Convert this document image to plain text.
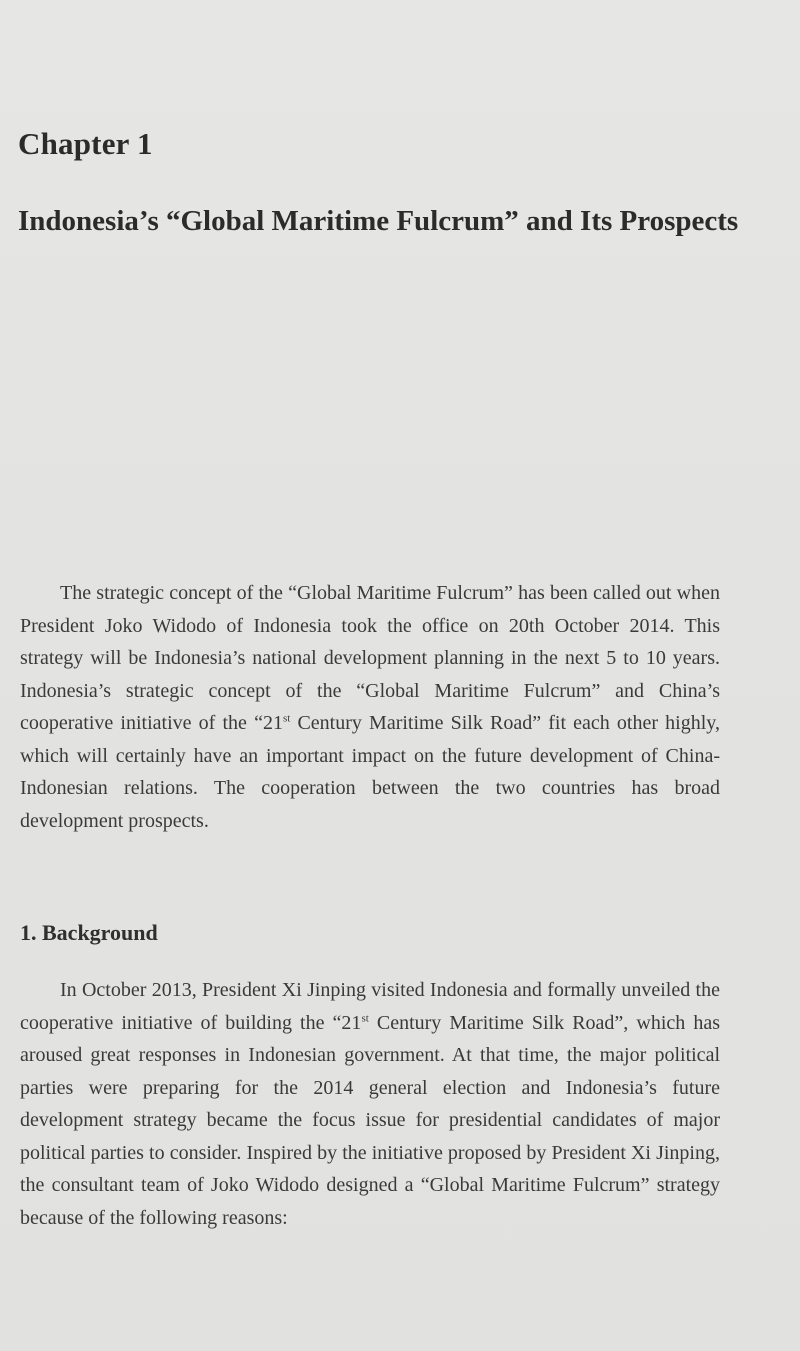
Chapter 1
Indonesia’s “Global Maritime Fulcrum” and Its Prospects
The strategic concept of the “Global Maritime Fulcrum” has been called out when President Joko Widodo of Indonesia took the office on 20th October 2014. This strategy will be Indonesia’s national development planning in the next 5 to 10 years. Indonesia’s strategic concept of the “Global Maritime Fulcrum” and China’s cooperative initiative of the “21st Century Maritime Silk Road” fit each other highly, which will certainly have an important impact on the future development of China-Indonesian relations. The cooperation between the two countries has broad development prospects.
1. Background
In October 2013, President Xi Jinping visited Indonesia and formally unveiled the cooperative initiative of building the “21st Century Maritime Silk Road”, which has aroused great responses in Indonesian government. At that time, the major political parties were preparing for the 2014 general election and Indonesia’s future development strategy became the focus issue for presidential candidates of major political parties to consider. Inspired by the initiative proposed by President Xi Jinping, the consultant team of Joko Widodo designed a “Global Maritime Fulcrum” strategy because of the following reasons:
